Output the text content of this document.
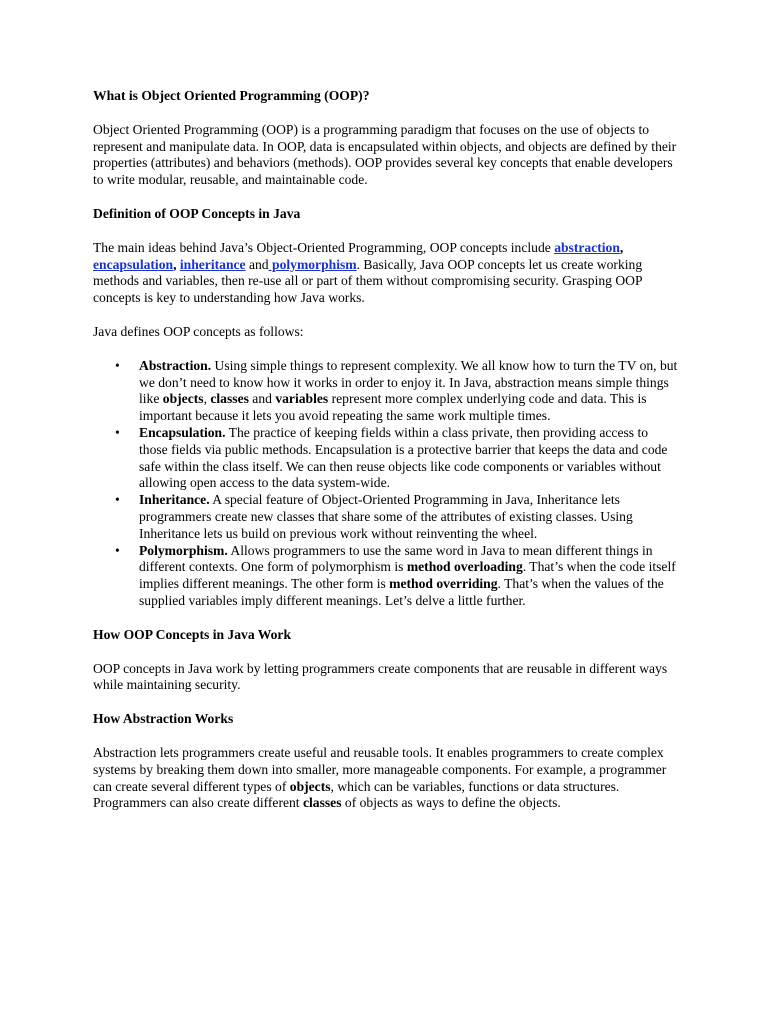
What is Object Oriented Programming (OOP)?

Object Oriented Programming (OOP) is a programming paradigm that focuses on the use of objects to represent and manipulate data. In OOP, data is encapsulated within objects, and objects are defined by their properties (attributes) and behaviors (methods). OOP provides several key concepts that enable developers to write modular, reusable, and maintainable code.

Definition of OOP Concepts in Java

The main ideas behind Java’s Object-Oriented Programming, OOP concepts include abstraction, encapsulation, inheritance and polymorphism. Basically, Java OOP concepts let us create working methods and variables, then re-use all or part of them without compromising security. Grasping OOP concepts is key to understanding how Java works.

Java defines OOP concepts as follows:

• Abstraction. Using simple things to represent complexity. We all know how to turn the TV on, but we don’t need to know how it works in order to enjoy it. In Java, abstraction means simple things like objects, classes and variables represent more complex underlying code and data. This is important because it lets you avoid repeating the same work multiple times.
• Encapsulation. The practice of keeping fields within a class private, then providing access to those fields via public methods. Encapsulation is a protective barrier that keeps the data and code safe within the class itself. We can then reuse objects like code components or variables without allowing open access to the data system-wide.
• Inheritance. A special feature of Object-Oriented Programming in Java, Inheritance lets programmers create new classes that share some of the attributes of existing classes. Using Inheritance lets us build on previous work without reinventing the wheel.
• Polymorphism. Allows programmers to use the same word in Java to mean different things in different contexts. One form of polymorphism is method overloading. That’s when the code itself implies different meanings. The other form is method overriding. That’s when the values of the supplied variables imply different meanings. Let’s delve a little further.
How OOP Concepts in Java Work

OOP concepts in Java work by letting programmers create components that are reusable in different ways while maintaining security.

How Abstraction Works

Abstraction lets programmers create useful and reusable tools. It enables programmers to create complex systems by breaking them down into smaller, more manageable components. For example, a programmer can create several different types of objects, which can be variables, functions or data structures. Programmers can also create different classes of objects as ways to define the objects.
